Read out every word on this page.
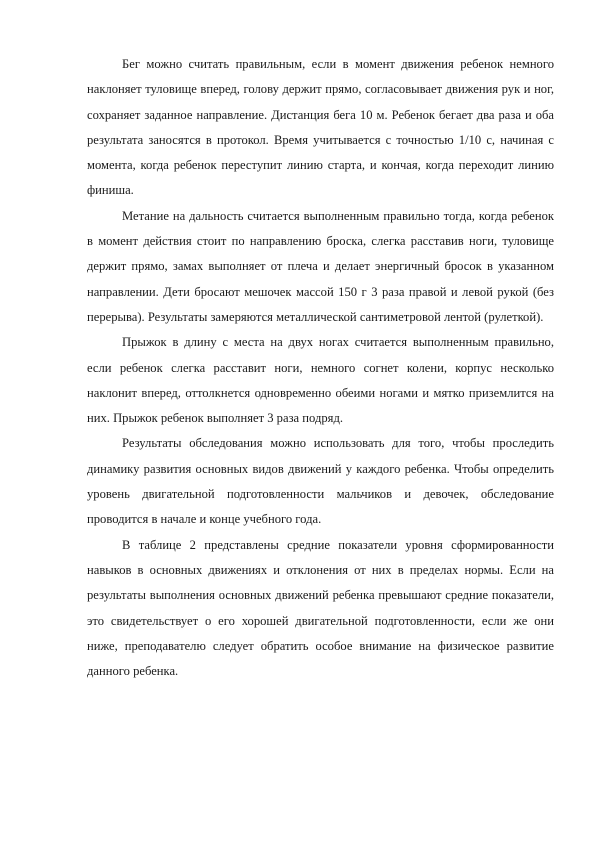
Бег можно считать правильным, если в момент движения ребенок немного наклоняет туловище вперед, голову держит прямо, согласовывает движения рук и ног, сохраняет заданное направление. Дистанция бега 10 м. Ребенок бегает два раза и оба результата заносятся в протокол. Время учитывается с точностью 1/10 с, начиная с момента, когда ребенок переступит линию старта, и кончая, когда переходит линию финиша.

Метание на дальность считается выполненным правильно тогда, когда ребенок в момент действия стоит по направлению броска, слегка расставив ноги, туловище держит прямо, замах выполняет от плеча и делает энергичный бросок в указанном направлении. Дети бросают мешочек массой 150 г 3 раза правой и левой рукой (без перерыва). Результаты замеряются металлической сантиметровой лентой (рулеткой).

Прыжок в длину с места на двух ногах считается выполненным правильно, если ребенок слегка расставит ноги, немного согнет колени, корпус несколько наклонит вперед, оттолкнется одновременно обеими ногами и мятко приземлится на них. Прыжок ребенок выполняет 3 раза подряд.

Результаты обследования можно использовать для того, чтобы проследить динамику развития основных видов движений у каждого ребенка. Чтобы определить уровень двигательной подготовленности мальчиков и девочек, обследование проводится в начале и конце учебного года.

В таблице 2 представлены средние показатели уровня сформированности навыков в основных движениях и отклонения от них в пределах нормы. Если на результаты выполнения основных движений ребенка превышают средние показатели, это свидетельствует о его хорошей двигательной подготовленности, если же они ниже, преподавателю следует обратить особое внимание на физическое развитие данного ребенка.
